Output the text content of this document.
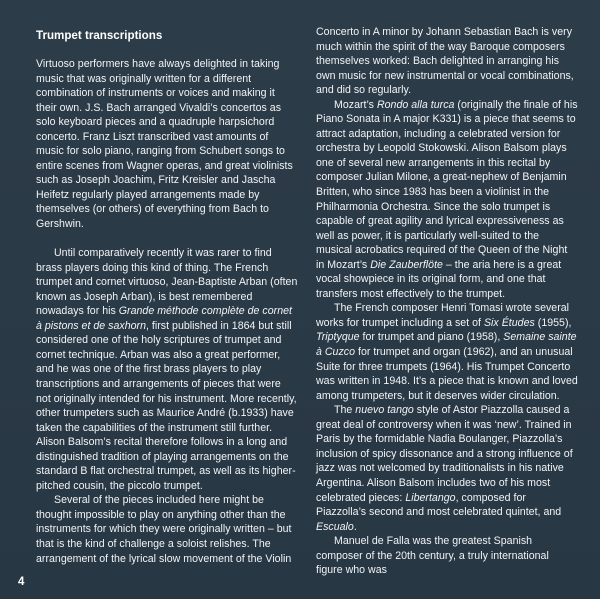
Trumpet transcriptions

Virtuoso performers have always delighted in taking music that was originally written for a different combination of instruments or voices and making it their own. J.S. Bach arranged Vivaldi’s concertos as solo keyboard pieces and a quadruple harpsichord concerto. Franz Liszt transcribed vast amounts of music for solo piano, ranging from Schubert songs to entire scenes from Wagner operas, and great violinists such as Joseph Joachim, Fritz Kreisler and Jascha Heifetz regularly played arrangements made by themselves (or others) of everything from Bach to Gershwin.

Until comparatively recently it was rarer to find brass players doing this kind of thing. The French trumpet and cornet virtuoso, Jean-Baptiste Arban (often known as Joseph Arban), is best remembered nowadays for his Grande méthode complète de cornet à pistons et de saxhorn, first published in 1864 but still considered one of the holy scriptures of trumpet and cornet technique. Arban was also a great performer, and he was one of the first brass players to play transcriptions and arrangements of pieces that were not originally intended for his instrument. More recently, other trumpeters such as Maurice André (b.1933) have taken the capabilities of the instrument still further. Alison Balsom’s recital therefore follows in a long and distinguished tradition of playing arrangements on the standard B flat orchestral trumpet, as well as its higher-pitched cousin, the piccolo trumpet.

Several of the pieces included here might be thought impossible to play on anything other than the instruments for which they were originally written – but that is the kind of challenge a soloist relishes. The arrangement of the lyrical slow movement of the Violin

Concerto in A minor by Johann Sebastian Bach is very much within the spirit of the way Baroque composers themselves worked: Bach delighted in arranging his own music for new instrumental or vocal combinations, and did so regularly.

Mozart’s Rondo alla turca (originally the finale of his Piano Sonata in A major K331) is a piece that seems to attract adaptation, including a celebrated version for orchestra by Leopold Stokowski. Alison Balsom plays one of several new arrangements in this recital by composer Julian Milone, a great-nephew of Benjamin Britten, who since 1983 has been a violinist in the Philharmonia Orchestra. Since the solo trumpet is capable of great agility and lyrical expressiveness as well as power, it is particularly well-suited to the musical acrobatics required of the Queen of the Night in Mozart’s Die Zauberflöte – the aria here is a great vocal showpiece in its original form, and one that transfers most effectively to the trumpet.

The French composer Henri Tomasi wrote several works for trumpet including a set of Six Études (1955), Triptyque for trumpet and piano (1958), Semaine sainte à Cuzco for trumpet and organ (1962), and an unusual Suite for three trumpets (1964). His Trumpet Concerto was written in 1948. It’s a piece that is known and loved among trumpeters, but it deserves wider circulation.

The nuevo tango style of Astor Piazzolla caused a great deal of controversy when it was ‘new’. Trained in Paris by the formidable Nadia Boulanger, Piazzolla’s inclusion of spicy dissonance and a strong influence of jazz was not welcomed by traditionalists in his native Argentina. Alison Balsom includes two of his most celebrated pieces: Libertango, composed for Piazzolla’s second and most celebrated quintet, and Escualo.

Manuel de Falla was the greatest Spanish composer of the 20th century, a truly international figure who was

4
